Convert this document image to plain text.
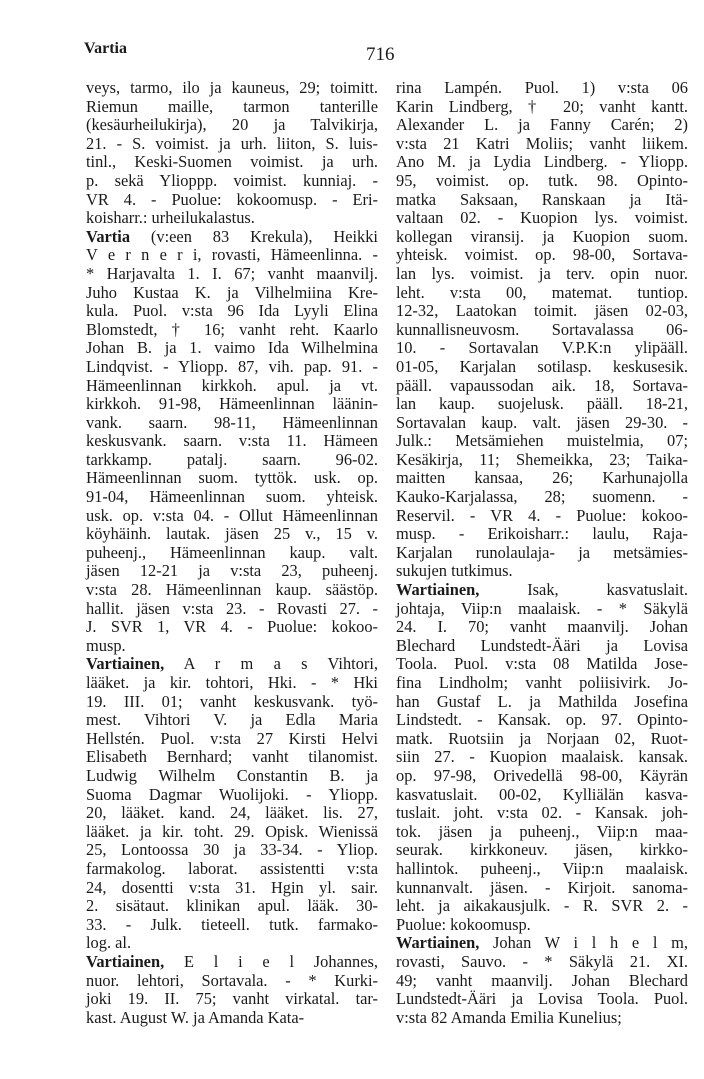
Vartia	716
veys, tarmo, ilo ja kauneus, 29; toimitt.
Riemun maille, tarmon tanterille
(kesäurheilukirja), 20 ja Talvikirja,
21. - S. voimist. ja urh. liiton, S. luis-
tinl., Keski-Suomen voimist. ja urh.
p. sekä Ylioppp. voimist. kunniaj. -
VR 4. - Puolue: kokoomusp. - Eri-
koisharr.: urheilukalastus.
Vartia (v:een 83 Krekula), Heikki
V e r n e r i, rovasti, Hämeenlinna. -
* Harjavalta 1. I. 67; vanht maanvilj.
Juho Kustaa K. ja Vilhelmiina Kre-
kula. Puol. v:sta 96 Ida Lyyli Elina
Blomstedt, † 16; vanht reht. Kaarlo
Johan B. ja 1. vaimo Ida Wilhelmina
Lindqvist. - Yliopp. 87, vih. pap. 91. -
Hämeenlinnan kirkkoh. apul. ja vt.
kirkkoh. 91-98, Hämeenlinnan läänin-
vank. saarn. 98-11, Hämeenlinnan
keskusvank. saarn. v:sta 11. Hämeen
tarkkamp. patalj. saarn. 96-02.
Hämeenlinnan suom. tyttök. usk. op.
91-04, Hämeenlinnan suom. yhteisk.
usk. op. v:sta 04. - Ollut Hämeenlinnan
köyhäinh. lautak. jäsen 25 v., 15 v.
puheenj., Hämeenlinnan kaup. valt.
jäsen 12-21 ja v:sta 23, puheenj.
v:sta 28. Hämeenlinnan kaup. säästöp.
hallit. jäsen v:sta 23. - Rovasti 27. -
J. SVR 1, VR 4. - Puolue: kokoo-
musp.
Vartiainen, A r m a s Vihtori,
lääket. ja kir. tohtori, Hki. - * Hki
19. III. 01; vanht keskusvank. työ-
mest. Vihtori V. ja Edla Maria
Hellstén. Puol. v:sta 27 Kirsti Helvi
Elisabeth Bernhard; vanht tilanomist.
Ludwig Wilhelm Constantin B. ja
Suoma Dagmar Wuolijoki. - Yliopp.
20, lääket. kand. 24, lääket. lis. 27,
lääket. ja kir. toht. 29. Opisk. Wienissä
25, Lontoossa 30 ja 33-34. - Yliop.
farmakolog. laborat. assistentti v:sta
24, dosentti v:sta 31. Hgin yl. sair.
2. sisätaut. klinikan apul. lääk. 30-
33. - Julk. tieteell. tutk. farmako-
log. al.
Vartiainen, E l i e l Johannes,
nuor. lehtori, Sortavala. - * Kurki-
joki 19. II. 75; vanht virkatal. tar-
kast. August W. ja Amanda Kata-
rina Lampén. Puol. 1) v:sta 06
Karin Lindberg, † 20; vanht kantt.
Alexander L. ja Fanny Carén; 2)
v:sta 21 Katri Moliis; vanht liikem.
Ano M. ja Lydia Lindberg. - Yliopp.
95, voimist. op. tutk. 98. Opinto-
matka Saksaan, Ranskaan ja Itä-
valtaan 02. - Kuopion lys. voimist.
kollegan viransij. ja Kuopion suom.
yhteisk. voimist. op. 98-00, Sortava-
lan lys. voimist. ja terv. opin nuor.
leht. v:sta 00, matemat. tuntiop.
12-32, Laatokan toimit. jäsen 02-03,
kunnallisneuvosm. Sortavalassa 06-
10. - Sortavalan V.P.K:n ylipääll.
01-05, Karjalan sotilasp. keskusesik.
pääll. vapaussodan aik. 18, Sortava-
lan kaup. suojelusk. pääll. 18-21,
Sortavalan kaup. valt. jäsen 29-30. -
Julk.: Metsämiehen muistelmia, 07;
Kesäkirja, 11; Shemeikka, 23; Taika-
maitten kansaa, 26; Karhunajolla
Kauko-Karjalassa, 28; suomenn. -
Reservil. - VR 4. - Puolue: kokoo-
musp. - Erikoisharr.: laulu, Raja-
Karjalan runolaulaja- ja metsämies-
sukujen tutkimus.
Wartiainen, Isak, kasvatuslait.
johtaja, Viip:n maalaisk. - * Säkylä
24. I. 70; vanht maanvilj. Johan
Blechard Lundstedt-Ääri ja Lovisa
Toola. Puol. v:sta 08 Matilda Jose-
fina Lindholm; vanht poliisivirk. Jo-
han Gustaf L. ja Mathilda Josefina
Lindstedt. - Kansak. op. 97. Opinto-
matk. Ruotsiin ja Norjaan 02, Ruot-
siin 27. - Kuopion maalaisk. kansak.
op. 97-98, Orivedellä 98-00, Käyrän
kasvatuslait. 00-02, Kylliälän kasva-
tuslait. joht. v:sta 02. - Kansak. joh-
tok. jäsen ja puheenj., Viip:n maa-
seurak. kirkkoneuv. jäsen, kirkko-
hallintok. puheenj., Viip:n maalaisk.
kunnanvalt. jäsen. - Kirjoit. sanoma-
leht. ja aikakausjulk. - R. SVR 2. -
Puolue: kokoomusp.
Wartiainen, Johan W i l h e l m,
rovasti, Sauvo. - * Säkylä 21. XI.
49; vanht maanvilj. Johan Blechard
Lundstedt-Ääri ja Lovisa Toola. Puol.
v:sta 82 Amanda Emilia Kunelius;
